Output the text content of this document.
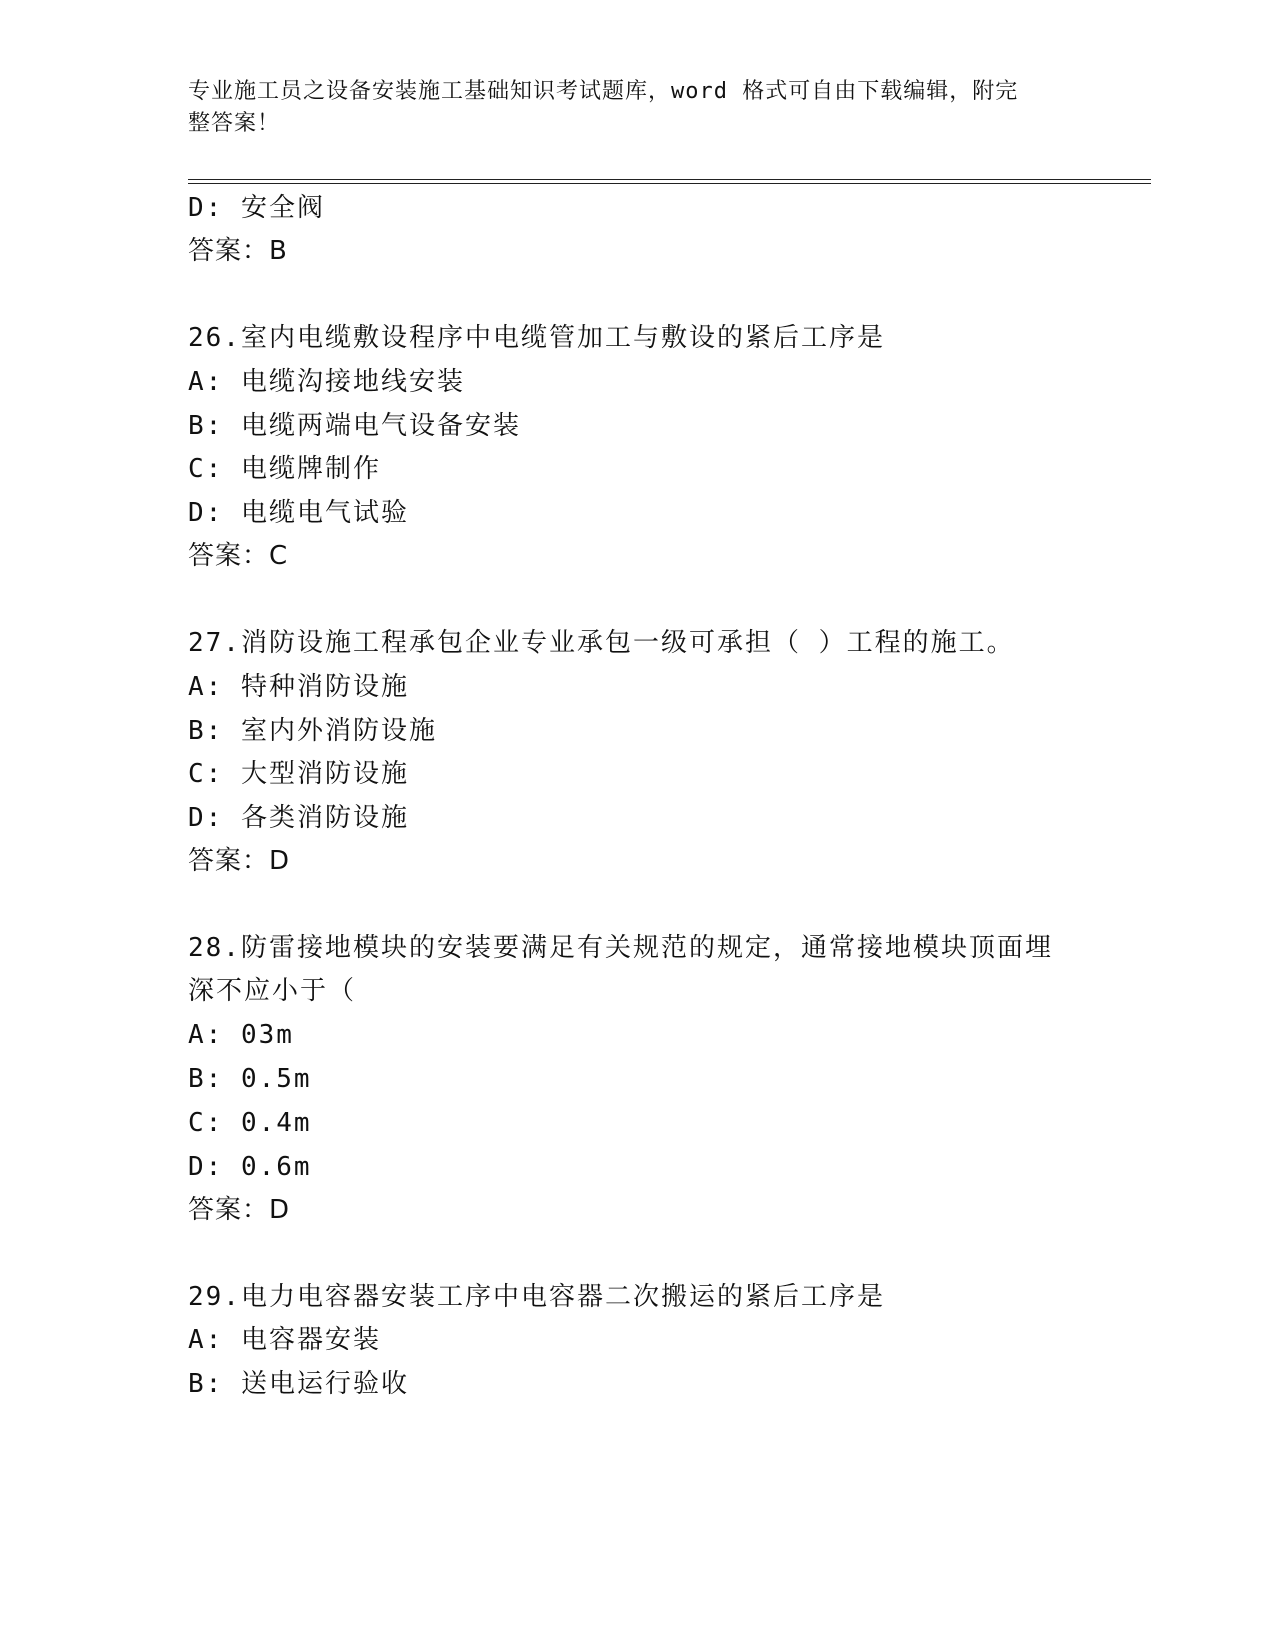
专业施工员之设备安装施工基础知识考试题库，word 格式可自由下载编辑，附完
整答案！
D: 安全阀
答案：B
26.室内电缆敷设程序中电缆管加工与敷设的紧后工序是
A: 电缆沟接地线安装
B: 电缆两端电气设备安装
C: 电缆牌制作
D: 电缆电气试验
答案：C
27.消防设施工程承包企业专业承包一级可承担（ ）工程的施工。
A: 特种消防设施
B: 室内外消防设施
C: 大型消防设施
D: 各类消防设施
答案：D
28.防雷接地模块的安装要满足有关规范的规定，通常接地模块顶面埋
深不应小于（
A: 03m
B: 0.5m
C: 0.4m
D: 0.6m
答案：D
29.电力电容器安装工序中电容器二次搬运的紧后工序是
A: 电容器安装
B: 送电运行验收
